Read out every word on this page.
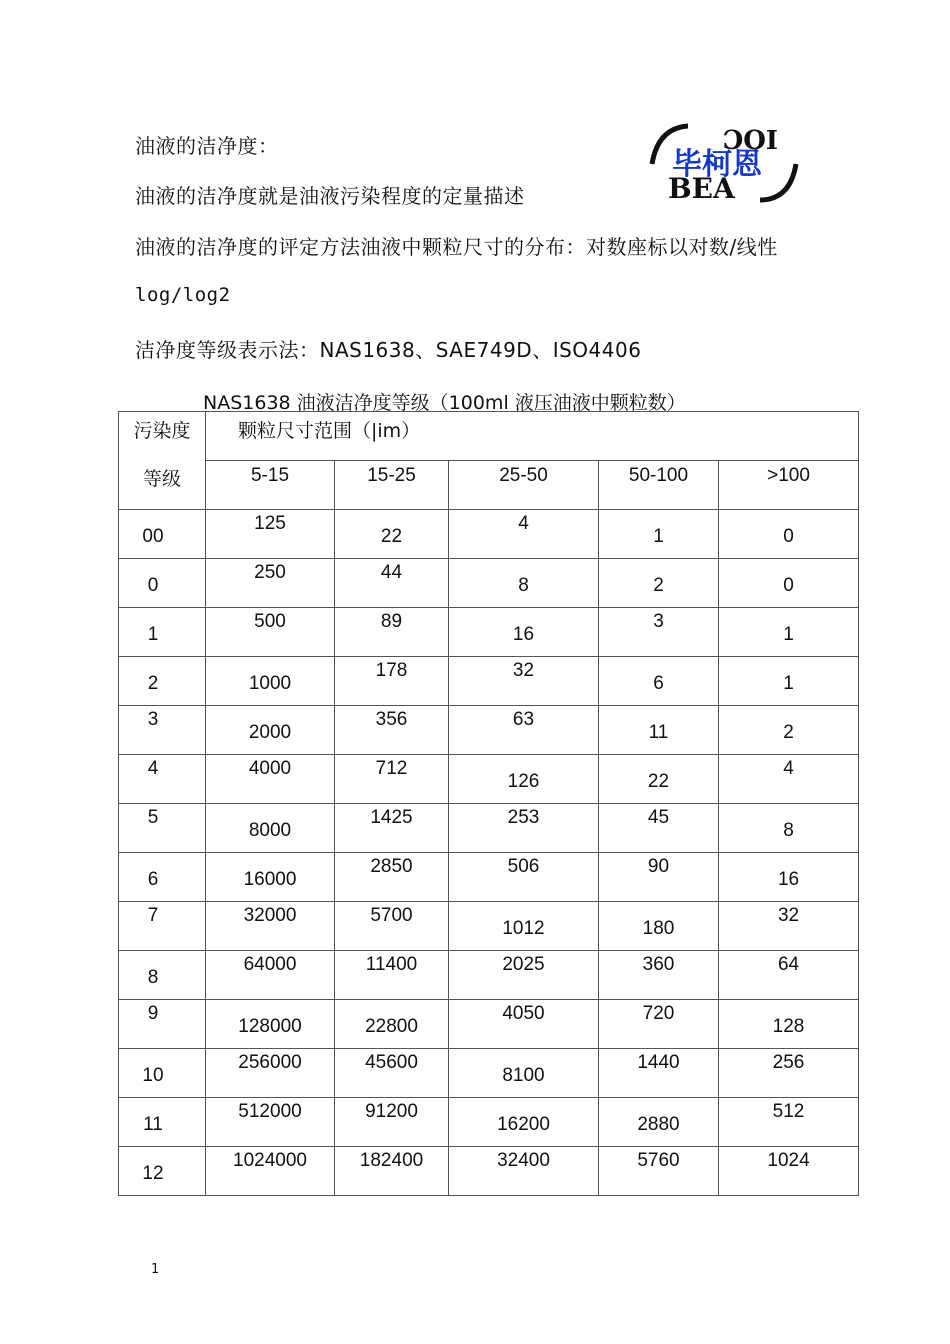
油液的洁净度：
油液的洁净度就是油液污染程度的定量描述
油液的洁净度的评定方法油液中颗粒尺寸的分布：对数座标以对数/线性
log/log2
洁净度等级表示法：NAS1638、SAE749D、ISO4406
IOC
BEA
毕柯恩
NAS1638 油液洁净度等级（100ml 液压油液中颗粒数）
污染度
等级	颗粒尺寸范围（|im）				

	5-15	15-25	25-50	50-100	>100

00	125	22	4	1	0

0	250	44	8	2	0

1	500	89	16	3	1

2	1000	178	32	6	1

3	2000	356	63	11	2

4	4000	712	126	22	4

5	8000	1425	253	45	8

6	16000	2850	506	90	16

7	32000	5700	1012	180	32

8	64000	11400	2025	360	64

9	128000	22800	4050	720	128

10	256000	45600	8100	1440	256

11	512000	91200	16200	2880	512

12	1024000	182400	32400	5760	1024
1
